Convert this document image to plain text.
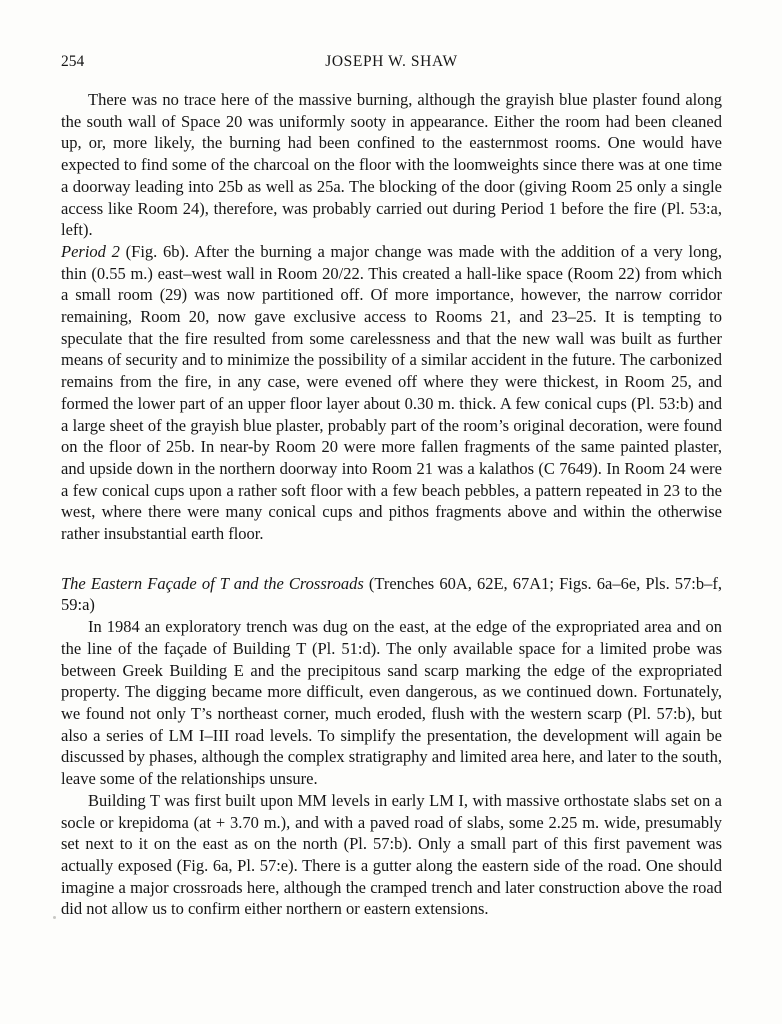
254	JOSEPH W. SHAW

There was no trace here of the massive burning, although the grayish blue plaster found along the south wall of Space 20 was uniformly sooty in appearance. Either the room had been cleaned up, or, more likely, the burning had been confined to the easternmost rooms. One would have expected to find some of the charcoal on the floor with the loomweights since there was at one time a doorway leading into 25b as well as 25a. The blocking of the door (giving Room 25 only a single access like Room 24), therefore, was probably carried out during Period 1 before the fire (Pl. 53:a, left).

Period 2 (Fig. 6b). After the burning a major change was made with the addition of a very long, thin (0.55 m.) east–west wall in Room 20/22. This created a hall-like space (Room 22) from which a small room (29) was now partitioned off. Of more importance, however, the narrow corridor remaining, Room 20, now gave exclusive access to Rooms 21, and 23–25. It is tempting to speculate that the fire resulted from some carelessness and that the new wall was built as further means of security and to minimize the possibility of a similar accident in the future. The carbonized remains from the fire, in any case, were evened off where they were thickest, in Room 25, and formed the lower part of an upper floor layer about 0.30 m. thick. A few conical cups (Pl. 53:b) and a large sheet of the grayish blue plaster, probably part of the room’s original decoration, were found on the floor of 25b. In near-by Room 20 were more fallen fragments of the same painted plaster, and upside down in the northern doorway into Room 21 was a kalathos (C 7649). In Room 24 were a few conical cups upon a rather soft floor with a few beach pebbles, a pattern repeated in 23 to the west, where there were many conical cups and pithos fragments above and within the otherwise rather insubstantial earth floor.

The Eastern Façade of T and the Crossroads (Trenches 60A, 62E, 67A1; Figs. 6a–6e, Pls. 57:b–f, 59:a)

In 1984 an exploratory trench was dug on the east, at the edge of the expropriated area and on the line of the façade of Building T (Pl. 51:d). The only available space for a limited probe was between Greek Building E and the precipitous sand scarp marking the edge of the expropriated property. The digging became more difficult, even dangerous, as we continued down. Fortunately, we found not only T’s northeast corner, much eroded, flush with the western scarp (Pl. 57:b), but also a series of LM I–III road levels. To simplify the presentation, the development will again be discussed by phases, although the complex stratigraphy and limited area here, and later to the south, leave some of the relationships unsure.

Building T was first built upon MM levels in early LM I, with massive orthostate slabs set on a socle or krepidoma (at + 3.70 m.), and with a paved road of slabs, some 2.25 m. wide, presumably set next to it on the east as on the north (Pl. 57:b). Only a small part of this first pavement was actually exposed (Fig. 6a, Pl. 57:e). There is a gutter along the eastern side of the road. One should imagine a major crossroads here, although the cramped trench and later construction above the road did not allow us to confirm either northern or eastern extensions.
